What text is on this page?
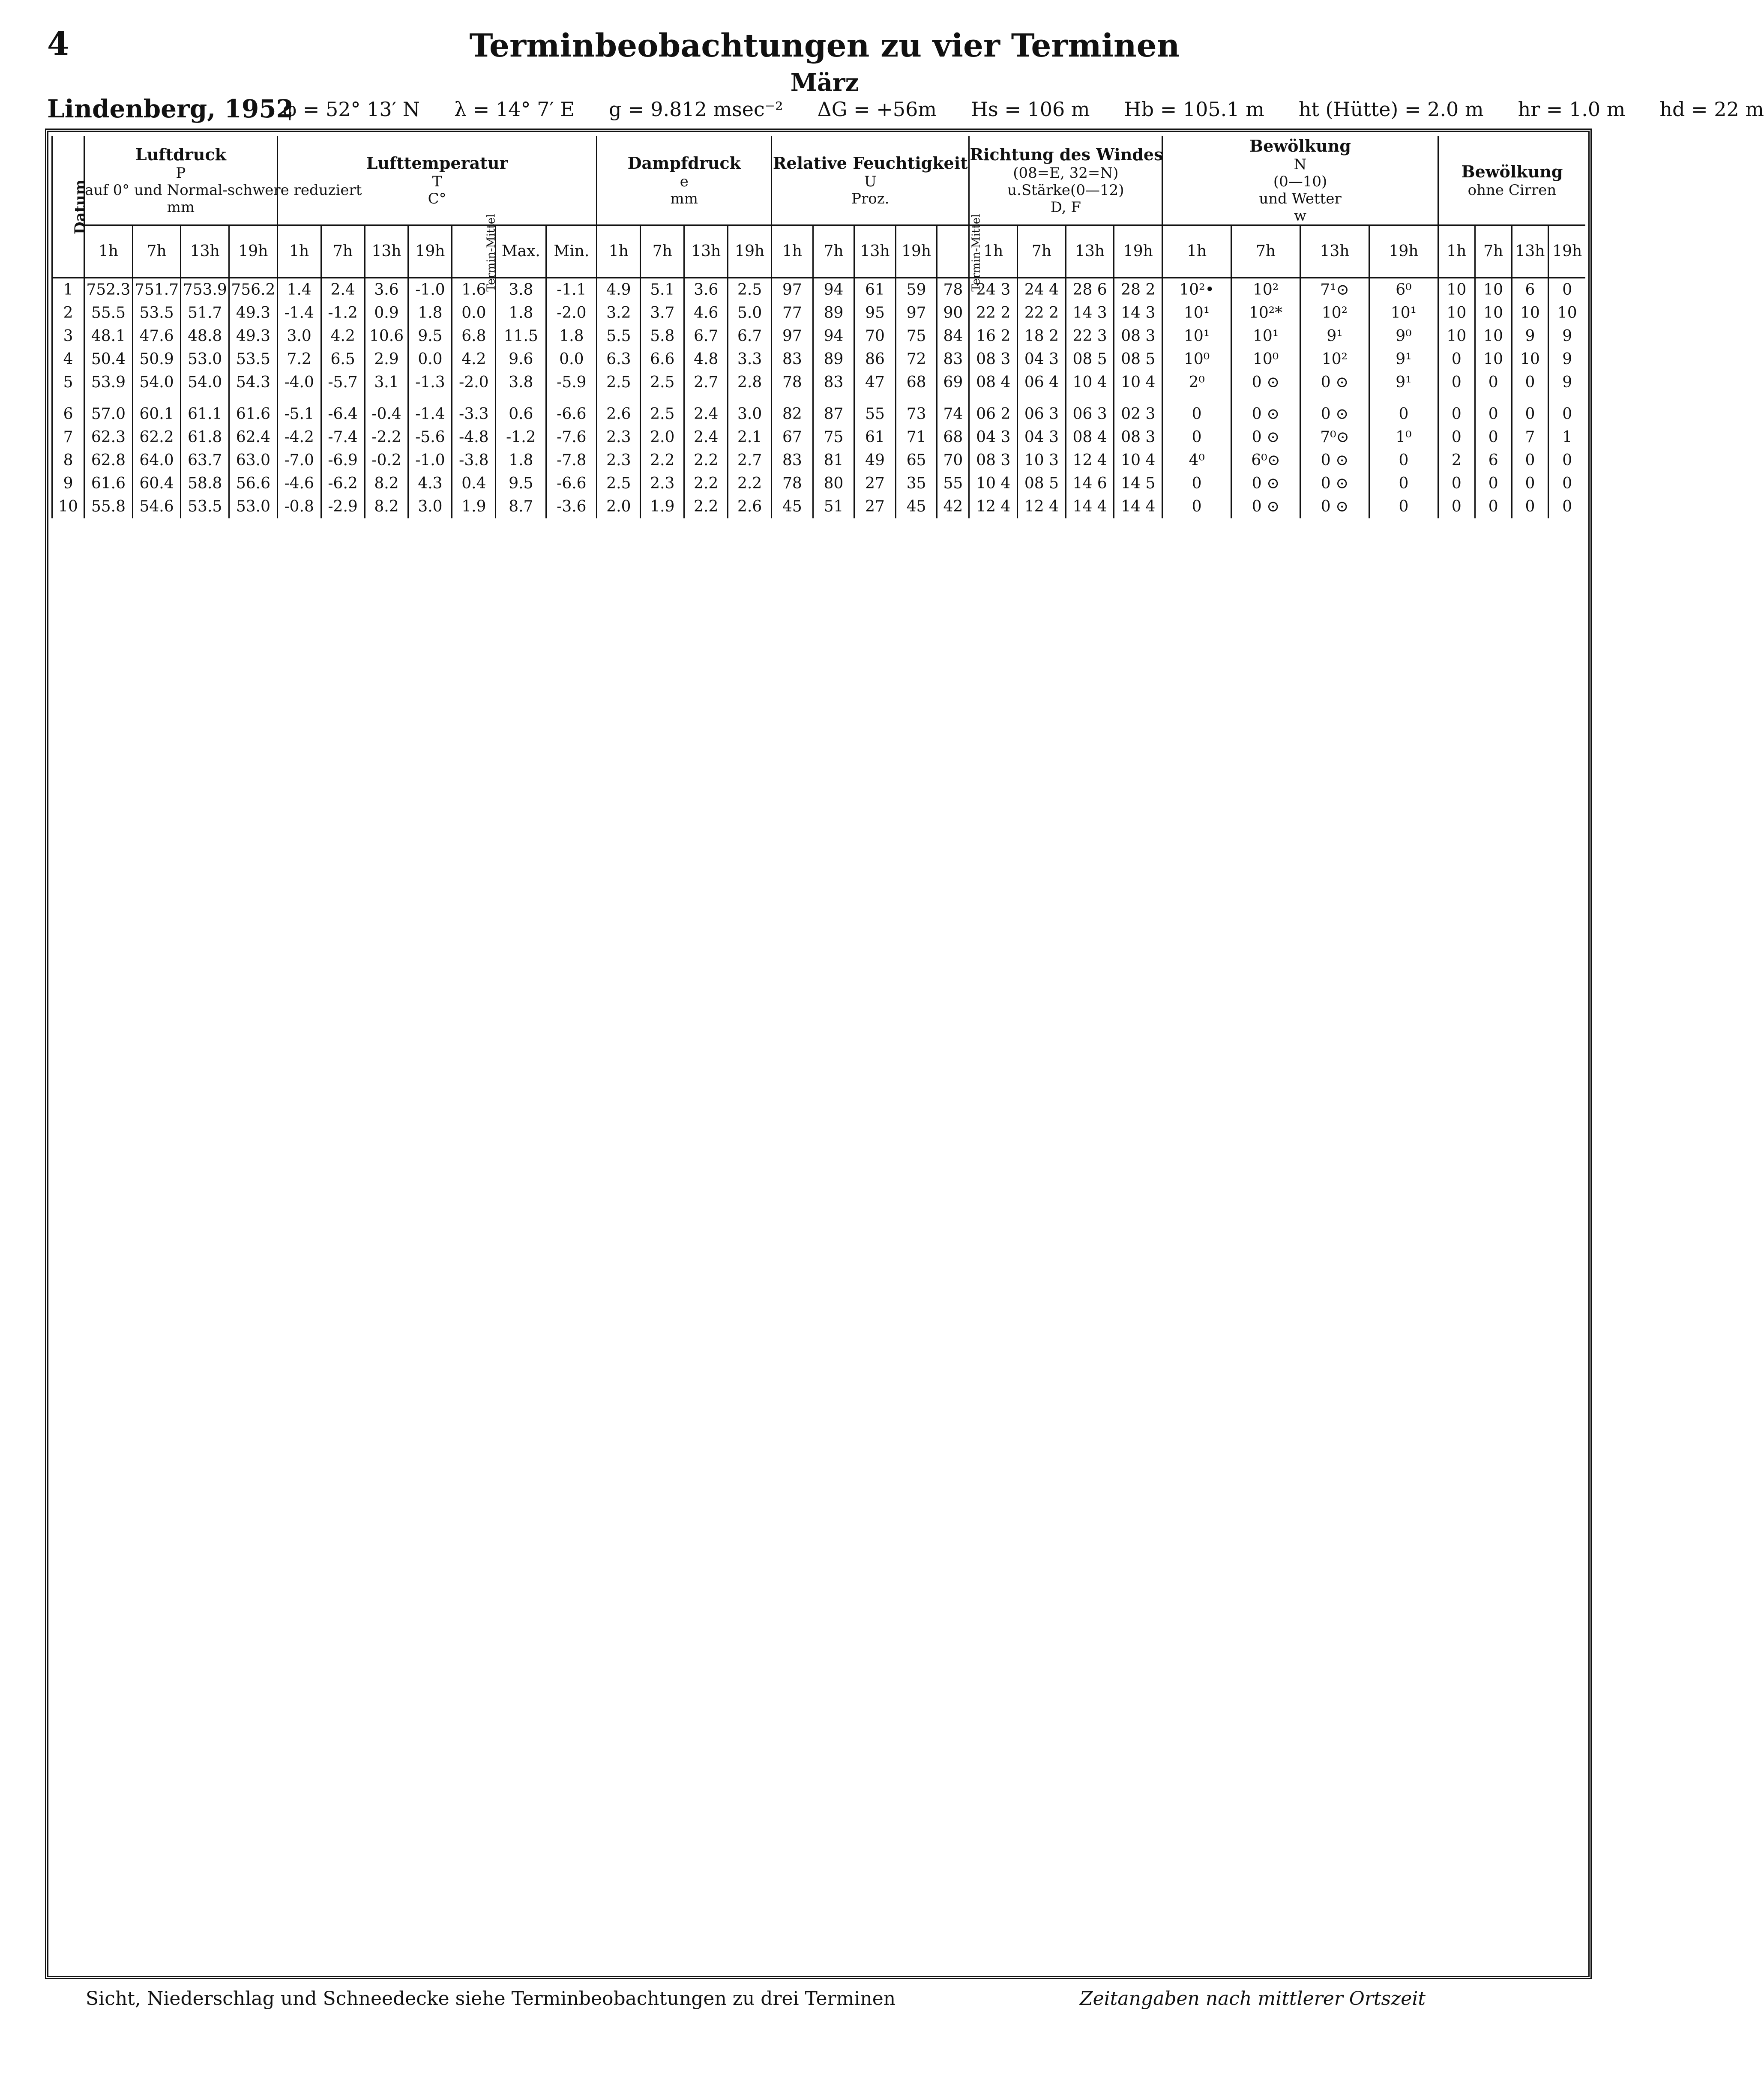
4	Terminbeobachtungen zu vier Terminen
März
Lindenberg, 1952
φ = 52° 13′ N λ = 14° 7′ E g = 9.812 msec⁻² ΔG = +56m Hs = 106 m Hb = 105.1 m ht (Hütte) = 2.0 m hr = 1.0 m hd = 22 m
Datum	Luftdruck
P
auf 0° und Normal-schwere reduziert
mm				Lufttemperatur
T
C°							Dampfdruck
e
mm				Relative Feuchtigkeit
U
Proz.					Richtung des Windes
(08=E, 32=N)
u.Stärke(0—12)
D, F				Bewölkung
N
(0—10)
und Wetter
w				Bewölkung
ohne Cirren			

	1h	7h	13h	19h	1h	7h	13h	19h	Termin-Mittel	Max.	Min.	1h	7h	13h	19h	1h	7h	13h	19h	Termin-Mittel	1h	7h	13h	19h	1h	7h	13h	19h	1h	7h	13h	19h
1	752.3	751.7	753.9	756.2	1.4	2.4	3.6	-1.0	1.6	3.8	-1.1	4.9	5.1	3.6	2.5	97	94	61	59	78	24 3	24 4	28 6	28 2	10²•	10²	7¹⊙	6⁰	10	10	6	0
2	55.5	53.5	51.7	49.3	-1.4	-1.2	0.9	1.8	0.0	1.8	-2.0	3.2	3.7	4.6	5.0	77	89	95	97	90	22 2	22 2	14 3	14 3	10¹	10²*	10²	10¹	10	10	10	10
3	48.1	47.6	48.8	49.3	3.0	4.2	10.6	9.5	6.8	11.5	1.8	5.5	5.8	6.7	6.7	97	94	70	75	84	16 2	18 2	22 3	08 3	10¹	10¹	9¹	9⁰	10	10	9	9
4	50.4	50.9	53.0	53.5	7.2	6.5	2.9	0.0	4.2	9.6	0.0	6.3	6.6	4.8	3.3	83	89	86	72	83	08 3	04 3	08 5	08 5	10⁰	10⁰	10²	9¹	0	10	10	9
5	53.9	54.0	54.0	54.3	-4.0	-5.7	3.1	-1.3	-2.0	3.8	-5.9	2.5	2.5	2.7	2.8	78	83	47	68	69	08 4	06 4	10 4	10 4	2⁰	0 ⊙	0 ⊙	9¹	0	0	0	9
6	57.0	60.1	61.1	61.6	-5.1	-6.4	-0.4	-1.4	-3.3	0.6	-6.6	2.6	2.5	2.4	3.0	82	87	55	73	74	06 2	06 3	06 3	02 3	0	0 ⊙	0 ⊙	0	0	0	0	0
7	62.3	62.2	61.8	62.4	-4.2	-7.4	-2.2	-5.6	-4.8	-1.2	-7.6	2.3	2.0	2.4	2.1	67	75	61	71	68	04 3	04 3	08 4	08 3	0	0 ⊙	7⁰⊙	1⁰	0	0	7	1
8	62.8	64.0	63.7	63.0	-7.0	-6.9	-0.2	-1.0	-3.8	1.8	-7.8	2.3	2.2	2.2	2.7	83	81	49	65	70	08 3	10 3	12 4	10 4	4⁰	6⁰⊙	0 ⊙	0	2	6	0	0
9	61.6	60.4	58.8	56.6	-4.6	-6.2	8.2	4.3	0.4	9.5	-6.6	2.5	2.3	2.2	2.2	78	80	27	35	55	10 4	08 5	14 6	14 5	0	0 ⊙	0 ⊙	0	0	0	0	0
10	55.8	54.6	53.5	53.0	-0.8	-2.9	8.2	3.0	1.9	8.7	-3.6	2.0	1.9	2.2	2.6	45	51	27	45	42	12 4	12 4	14 4	14 4	0	0 ⊙	0 ⊙	0	0	0	0	0
Sicht, Niederschlag und Schneedecke siehe Terminbeobachtungen zu drei Terminen	Zeitangaben nach mittlerer Ortszeit
